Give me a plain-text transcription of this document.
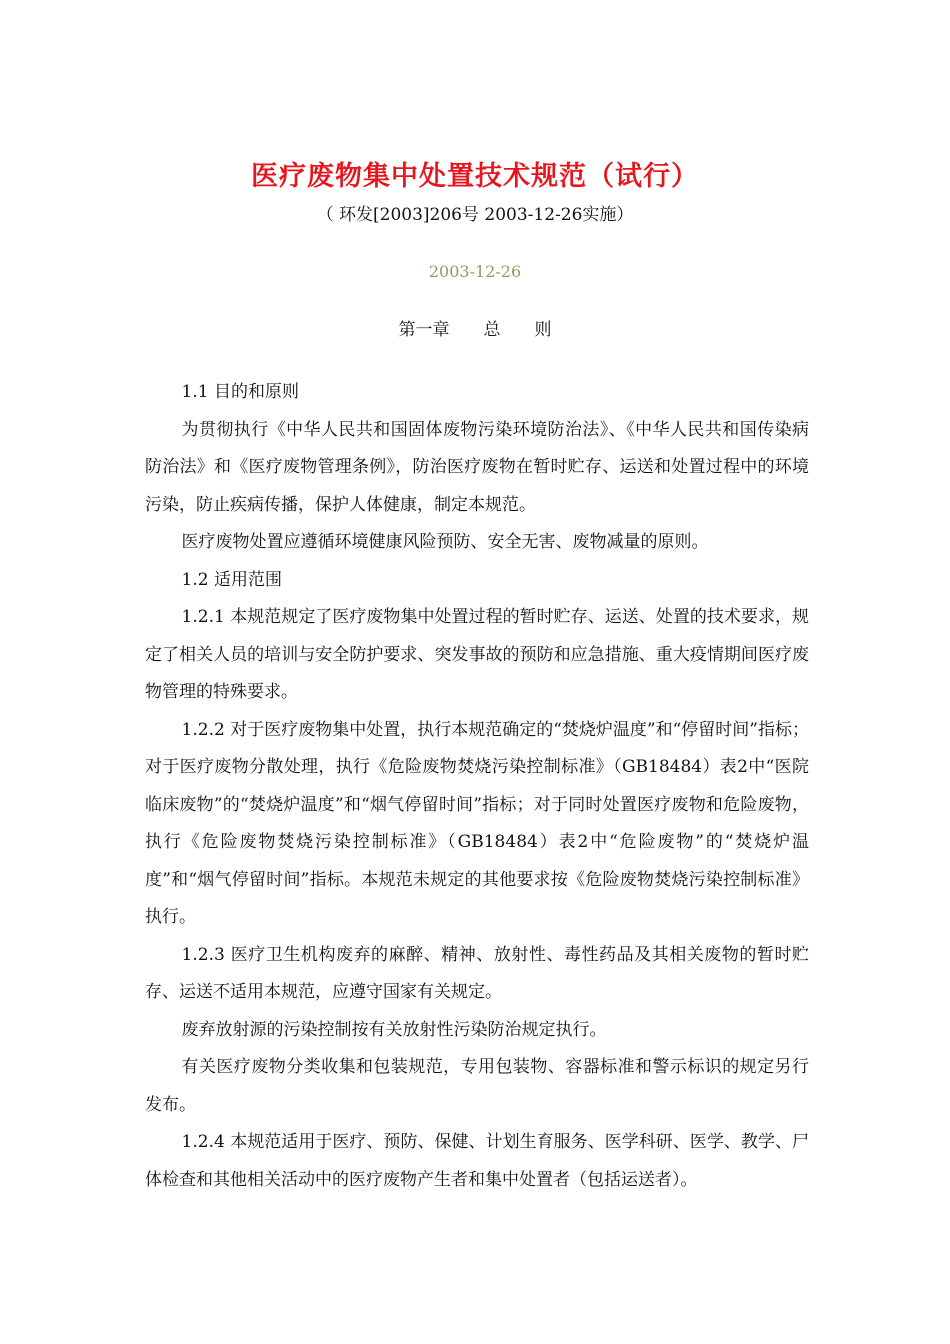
医疗废物集中处置技术规范（试行）

（ 环发[2003]206号 2003-12-26实施）

2003-12-26

第一章　　总　　则

1.1 目的和原则

为贯彻执行《中华人民共和国固体废物污染环境防治法》、《中华人民共和国传染病防治法》和《医疗废物管理条例》，防治医疗废物在暂时贮存、运送和处置过程中的环境污染，防止疾病传播，保护人体健康，制定本规范。

医疗废物处置应遵循环境健康风险预防、安全无害、废物减量的原则。

1.2 适用范围

1.2.1 本规范规定了医疗废物集中处置过程的暂时贮存、运送、处置的技术要求，规定了相关人员的培训与安全防护要求、突发事故的预防和应急措施、重大疫情期间医疗废物管理的特殊要求。

1.2.2 对于医疗废物集中处置，执行本规范确定的“焚烧炉温度”和“停留时间”指标；对于医疗废物分散处理，执行《危险废物焚烧污染控制标准》（GB18484）表2中“医院临床废物”的“焚烧炉温度”和“烟气停留时间”指标；对于同时处置医疗废物和危险废物，执行《危险废物焚烧污染控制标准》（GB18484）表2中“危险废物”的“焚烧炉温度”和“烟气停留时间”指标。本规范未规定的其他要求按《危险废物焚烧污染控制标准》执行。

1.2.3 医疗卫生机构废弃的麻醉、精神、放射性、毒性药品及其相关废物的暂时贮存、运送不适用本规范，应遵守国家有关规定。

废弃放射源的污染控制按有关放射性污染防治规定执行。

有关医疗废物分类收集和包装规范，专用包装物、容器标准和警示标识的规定另行发布。

1.2.4 本规范适用于医疗、预防、保健、计划生育服务、医学科研、医学、教学、尸体检查和其他相关活动中的医疗废物产生者和集中处置者（包括运送者）。
